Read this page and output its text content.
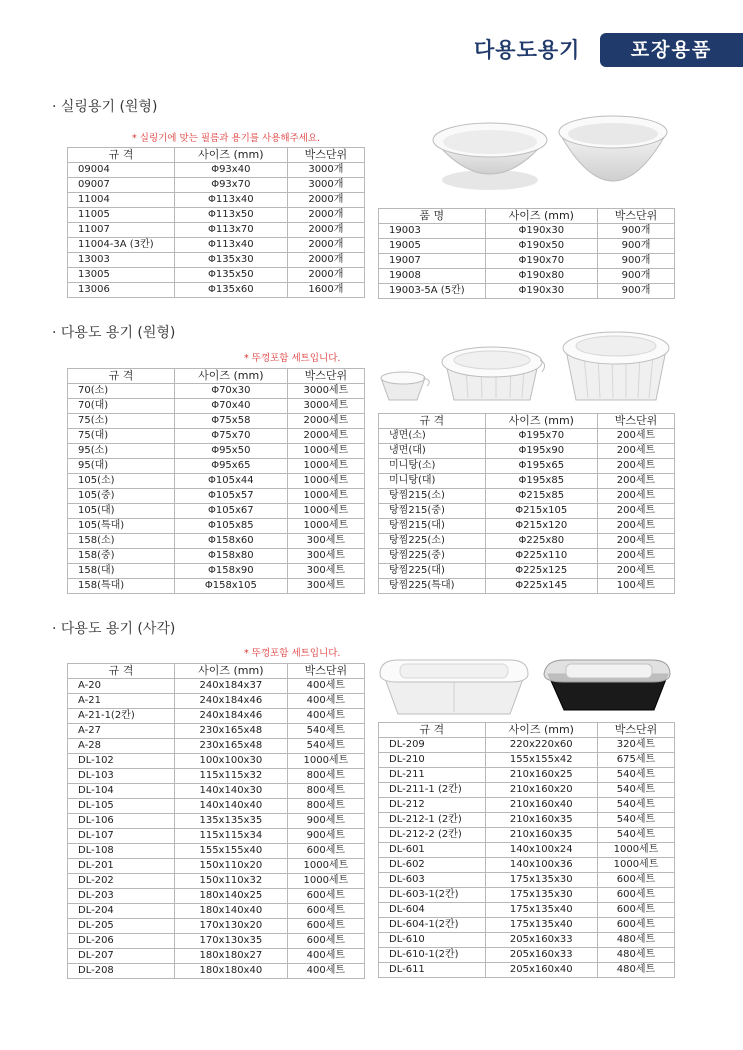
다용도용기	포장용품
· 실링용기 (원형)
* 실링기에 맞는 필름과 용기를 사용해주세요.
규 격	사이즈 (mm)	박스단위
09004	Φ93x40	3000개
09007	Φ93x70	3000개
11004	Φ113x40	2000개
11005	Φ113x50	2000개
11007	Φ113x70	2000개
11004-3A (3칸)	Φ113x40	2000개
13003	Φ135x30	2000개
13005	Φ135x50	2000개
13006	Φ135x60	1600개
품 명	사이즈 (mm)	박스단위
19003	Φ190x30	900개
19005	Φ190x50	900개
19007	Φ190x70	900개
19008	Φ190x80	900개
19003-5A (5칸)	Φ190x30	900개
· 다용도 용기 (원형)
* 뚜껑포함 세트입니다.
규 격	사이즈 (mm)	박스단위
70(소)	Φ70x30	3000세트
70(대)	Φ70x40	3000세트
75(소)	Φ75x58	2000세트
75(대)	Φ75x70	2000세트
95(소)	Φ95x50	1000세트
95(대)	Φ95x65	1000세트
105(소)	Φ105x44	1000세트
105(중)	Φ105x57	1000세트
105(대)	Φ105x67	1000세트
105(특대)	Φ105x85	1000세트
158(소)	Φ158x60	300세트
158(중)	Φ158x80	300세트
158(대)	Φ158x90	300세트
158(특대)	Φ158x105	300세트
규 격	사이즈 (mm)	박스단위
냉면(소)	Φ195x70	200세트
냉면(대)	Φ195x90	200세트
미니탕(소)	Φ195x65	200세트
미니탕(대)	Φ195x85	200세트
탕찜215(소)	Φ215x85	200세트
탕찜215(중)	Φ215x105	200세트
탕찜215(대)	Φ215x120	200세트
탕찜225(소)	Φ225x80	200세트
탕찜225(중)	Φ225x110	200세트
탕찜225(대)	Φ225x125	200세트
탕찜225(특대)	Φ225x145	100세트
· 다용도 용기 (사각)
* 뚜껑포함 세트입니다.
규 격	사이즈 (mm)	박스단위
A-20	240x184x37	400세트
A-21	240x184x46	400세트
A-21-1(2칸)	240x184x46	400세트
A-27	230x165x48	540세트
A-28	230x165x48	540세트
DL-102	100x100x30	1000세트
DL-103	115x115x32	800세트
DL-104	140x140x30	800세트
DL-105	140x140x40	800세트
DL-106	135x135x35	900세트
DL-107	115x115x34	900세트
DL-108	155x155x40	600세트
DL-201	150x110x20	1000세트
DL-202	150x110x32	1000세트
DL-203	180x140x25	600세트
DL-204	180x140x40	600세트
DL-205	170x130x20	600세트
DL-206	170x130x35	600세트
DL-207	180x180x27	400세트
DL-208	180x180x40	400세트
규 격	사이즈 (mm)	박스단위
DL-209	220x220x60	320세트
DL-210	155x155x42	675세트
DL-211	210x160x25	540세트
DL-211-1 (2칸)	210x160x20	540세트
DL-212	210x160x40	540세트
DL-212-1 (2칸)	210x160x35	540세트
DL-212-2 (2칸)	210x160x35	540세트
DL-601	140x100x24	1000세트
DL-602	140x100x36	1000세트
DL-603	175x135x30	600세트
DL-603-1(2칸)	175x135x30	600세트
DL-604	175x135x40	600세트
DL-604-1(2칸)	175x135x40	600세트
DL-610	205x160x33	480세트
DL-610-1(2칸)	205x160x33	480세트
DL-611	205x160x40	480세트
